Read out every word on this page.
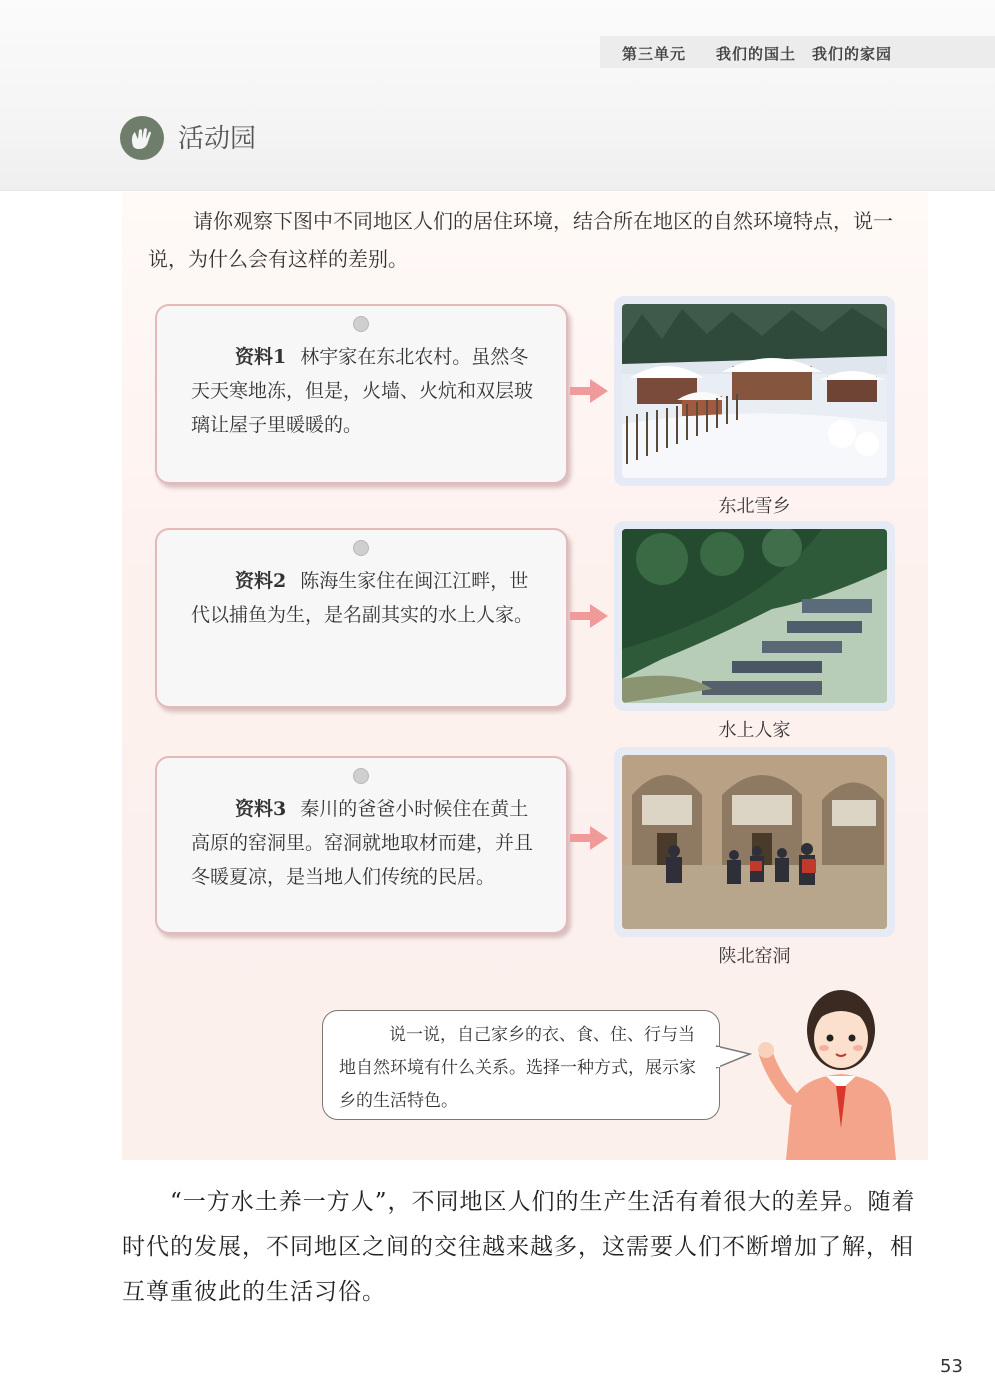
第三单元 我们的国土　我们的家园
活动园
请你观察下图中不同地区人们的居住环境，结合所在地区的自然环境特点，说一说，为什么会有这样的差别。
资料1 林宇家在东北农村。虽然冬天天寒地冻，但是，火墙、火炕和双层玻璃让屋子里暖暖的。
东北雪乡
资料2 陈海生家住在闽江江畔，世代以捕鱼为生，是名副其实的水上人家。
水上人家
资料3 秦川的爸爸小时候住在黄土高原的窑洞里。窑洞就地取材而建，并且冬暖夏凉，是当地人们传统的民居。
陕北窑洞
说一说，自己家乡的衣、食、住、行与当地自然环境有什么关系。选择一种方式，展示家乡的生活特色。
“一方水土养一方人”，不同地区人们的生产生活有着很大的差异。随着时代的发展，不同地区之间的交往越来越多，这需要人们不断增加了解，相互尊重彼此的生活习俗。
53
